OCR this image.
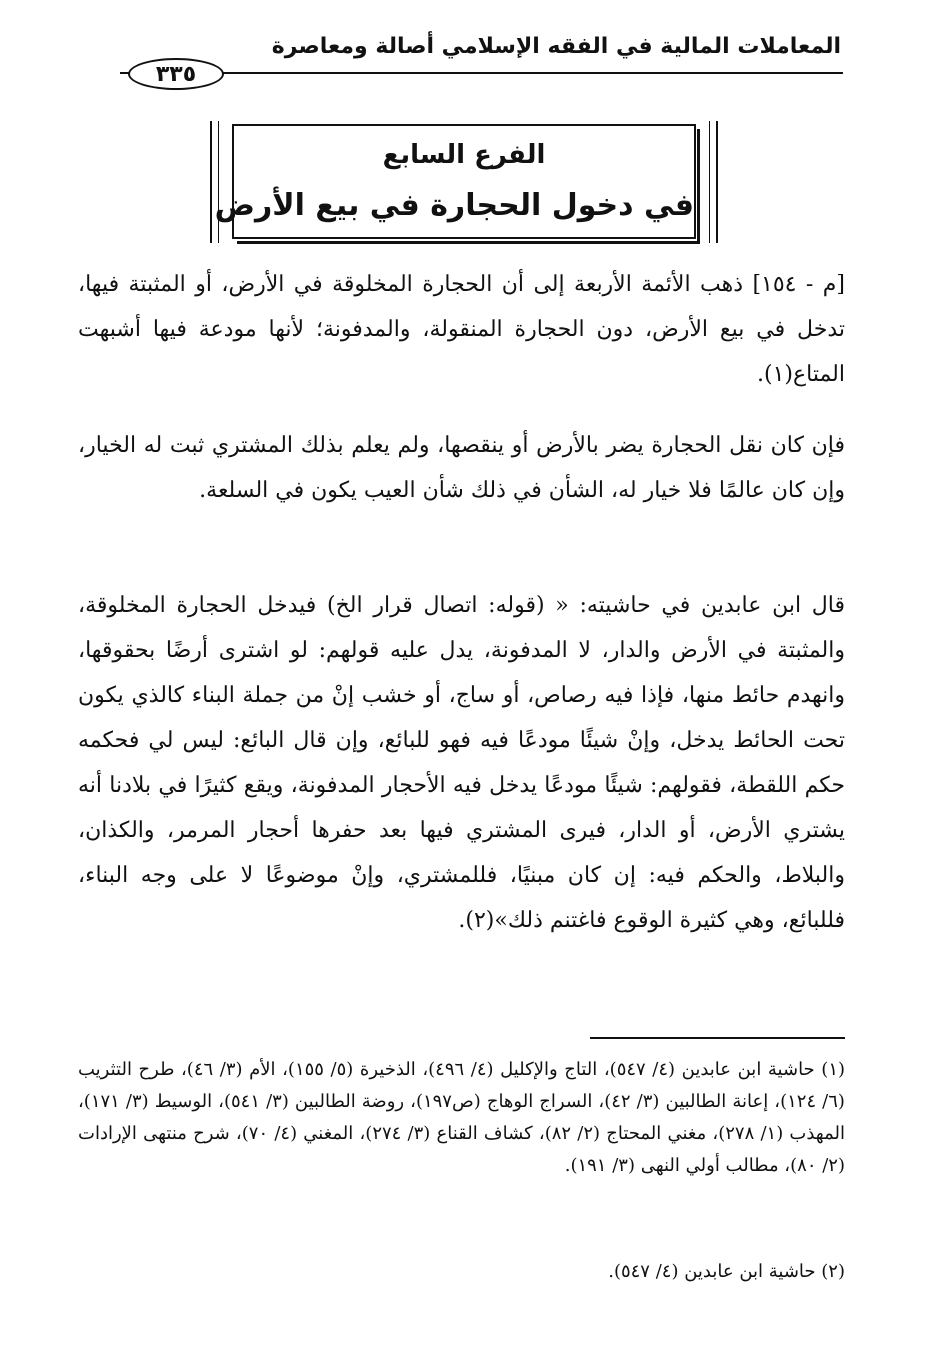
المعاملات المالية في الفقه الإسلامي أصالة ومعاصرة
٣٣٥
الفرع السابع
في دخول الحجارة في بيع الأرض
[م - ١٥٤] ذهب الأئمة الأربعة إلى أن الحجارة المخلوقة في الأرض، أو المثبتة فيها، تدخل في بيع الأرض، دون الحجارة المنقولة، والمدفونة؛ لأنها مودعة فيها أشبهت المتاع(١).
فإن كان نقل الحجارة يضر بالأرض أو ينقصها، ولم يعلم بذلك المشتري ثبت له الخيار، وإن كان عالمًا فلا خيار له، الشأن في ذلك شأن العيب يكون في السلعة.
قال ابن عابدين في حاشيته: « (قوله: اتصال قرار الخ) فيدخل الحجارة المخلوقة، والمثبتة في الأرض والدار، لا المدفونة، يدل عليه قولهم: لو اشترى أرضًا بحقوقها، وانهدم حائط منها، فإذا فيه رصاص، أو ساج، أو خشب إنْ من جملة البناء كالذي يكون تحت الحائط يدخل، وإنْ شيئًا مودعًا فيه فهو للبائع، وإن قال البائع: ليس لي فحكمه حكم اللقطة، فقولهم: شيئًا مودعًا يدخل فيه الأحجار المدفونة، ويقع كثيرًا في بلادنا أنه يشتري الأرض، أو الدار، فيرى المشتري فيها بعد حفرها أحجار المرمر، والكذان، والبلاط، والحكم فيه: إن كان مبنيًا، فللمشتري، وإنْ موضوعًا لا على وجه البناء، فللبائع، وهي كثيرة الوقوع فاغتنم ذلك»(٢).
(١) حاشية ابن عابدين (٤/ ٥٤٧)، التاج والإكليل (٤/ ٤٩٦)، الذخيرة (٥/ ١٥٥)، الأم (٣/ ٤٦)، طرح التثريب (٦/ ١٢٤)، إعانة الطالبين (٣/ ٤٢)، السراج الوهاج (ص١٩٧)، روضة الطالبين (٣/ ٥٤١)، الوسيط (٣/ ١٧١)، المهذب (١/ ٢٧٨)، مغني المحتاج (٢/ ٨٢)، كشاف القناع (٣/ ٢٧٤)، المغني (٤/ ٧٠)، شرح منتهى الإرادات (٢/ ٨٠)، مطالب أولي النهى (٣/ ١٩١).
(٢) حاشية ابن عابدين (٤/ ٥٤٧).
